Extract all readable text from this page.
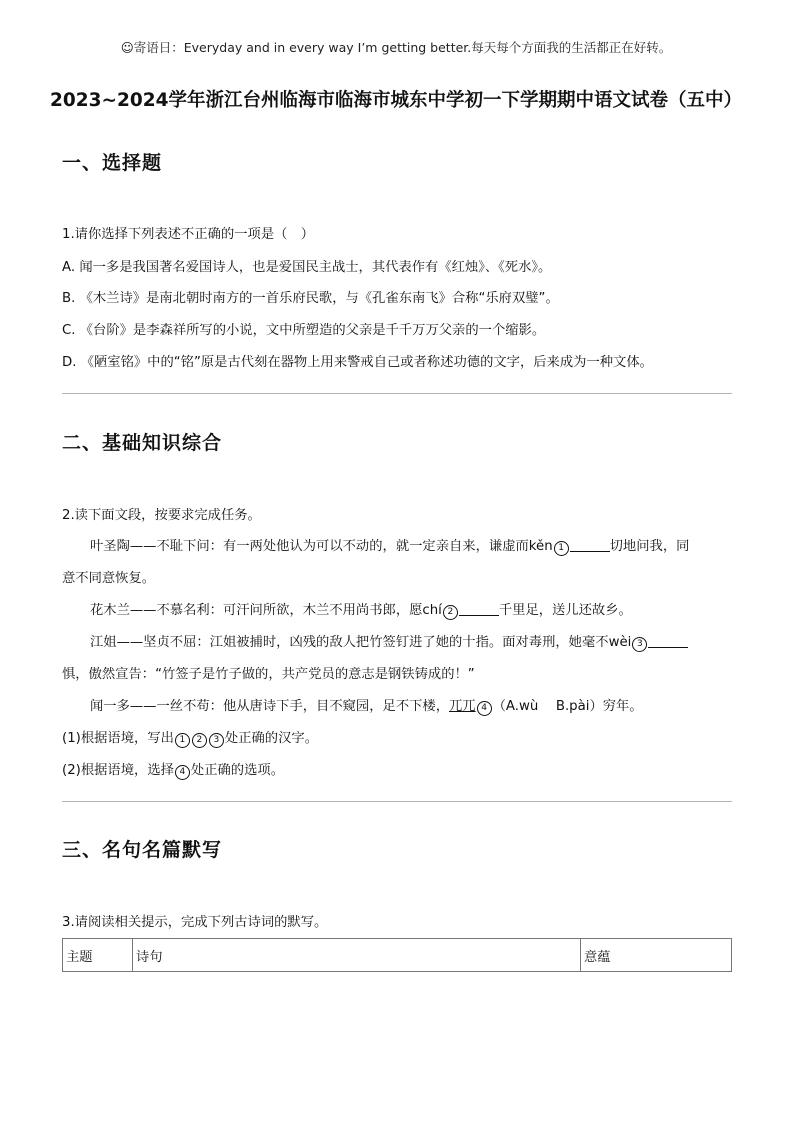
☺寄语日：Everyday and in every way I’m getting better.每天每个方面我的生活都正在好转。
2023~2024学年浙江台州临海市临海市城东中学初一下学期期中语文试卷（五中）
一、选择题
1.请你选择下列表述不正确的一项是（　）
A. 闻一多是我国著名爱国诗人，也是爱国民主战士，其代表作有《红烛》、《死水》。
B. 《木兰诗》是南北朝时南方的一首乐府民歌，与《孔雀东南飞》合称“乐府双璧”。
C. 《台阶》是李森祥所写的小说，文中所塑造的父亲是千千万万父亲的一个缩影。
D. 《陋室铭》中的“铭”原是古代刻在器物上用来警戒自己或者称述功德的文字，后来成为一种文体。
二、基础知识综合
2.读下面文段，按要求完成任务。
叶圣陶——不耻下问：有一两处他认为可以不动的，就一定亲自来，谦虚而kěn 1	切地问我，同
意不同意恢复。
花木兰——不慕名利：可汗问所欲，木兰不用尚书郎，愿chí 2	千里足，送儿还故乡。
江姐——坚贞不屈：江姐被捕时，凶残的敌人把竹签钉进了她的十指。面对毒刑，她毫不wèi 3
惧，傲然宣告：“竹签子是竹子做的，共产党员的意志是钢铁铸成的！”
闻一多——一丝不苟：他从唐诗下手，目不窥园，足不下楼，兀兀 4 （A.wù　 B.pài）穷年。
(1)根据语境，写出 1 2 3 处正确的汉字。
(2)根据语境，选择 4 处正确的选项。
三、名句名篇默写
3.请阅读相关提示，完成下列古诗词的默写。
主题	诗句	意蕴
